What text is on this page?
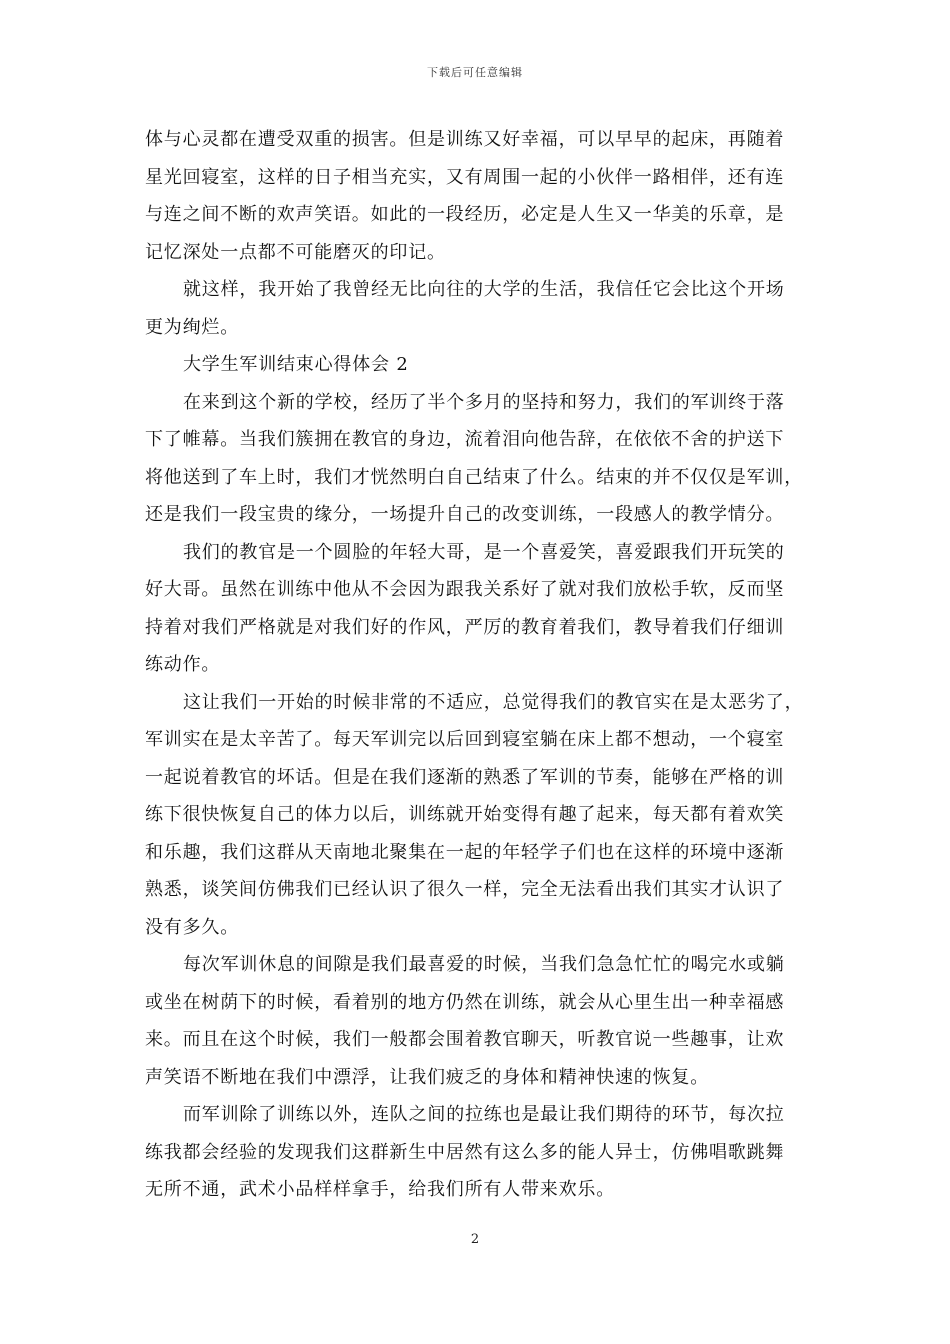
下载后可任意编辑
体与心灵都在遭受双重的损害。但是训练又好幸福，可以早早的起床，再随着
星光回寝室，这样的日子相当充实，又有周围一起的小伙伴一路相伴，还有连
与连之间不断的欢声笑语。如此的一段经历，必定是人生又一华美的乐章，是
记忆深处一点都不可能磨灭的印记。
就这样，我开始了我曾经无比向往的大学的生活，我信任它会比这个开场
更为绚烂。
大学生军训结束心得体会 2
在来到这个新的学校，经历了半个多月的坚持和努力，我们的军训终于落
下了帷幕。当我们簇拥在教官的身边，流着泪向他告辞，在依依不舍的护送下
将他送到了车上时，我们才恍然明白自己结束了什么。结束的并不仅仅是军训，
还是我们一段宝贵的缘分，一场提升自己的改变训练，一段感人的教学情分。
我们的教官是一个圆脸的年轻大哥，是一个喜爱笑，喜爱跟我们开玩笑的
好大哥。虽然在训练中他从不会因为跟我关系好了就对我们放松手软，反而坚
持着对我们严格就是对我们好的作风，严厉的教育着我们，教导着我们仔细训
练动作。
这让我们一开始的时候非常的不适应，总觉得我们的教官实在是太恶劣了，
军训实在是太辛苦了。每天军训完以后回到寝室躺在床上都不想动，一个寝室
一起说着教官的坏话。但是在我们逐渐的熟悉了军训的节奏，能够在严格的训
练下很快恢复自己的体力以后，训练就开始变得有趣了起来，每天都有着欢笑
和乐趣，我们这群从天南地北聚集在一起的年轻学子们也在这样的环境中逐渐
熟悉，谈笑间仿佛我们已经认识了很久一样，完全无法看出我们其实才认识了
没有多久。
每次军训休息的间隙是我们最喜爱的时候，当我们急急忙忙的喝完水或躺
或坐在树荫下的时候，看着别的地方仍然在训练，就会从心里生出一种幸福感
来。而且在这个时候，我们一般都会围着教官聊天，听教官说一些趣事，让欢
声笑语不断地在我们中漂浮，让我们疲乏的身体和精神快速的恢复。
而军训除了训练以外，连队之间的拉练也是最让我们期待的环节，每次拉
练我都会经验的发现我们这群新生中居然有这么多的能人异士，仿佛唱歌跳舞
无所不通，武术小品样样拿手，给我们所有人带来欢乐。
2
